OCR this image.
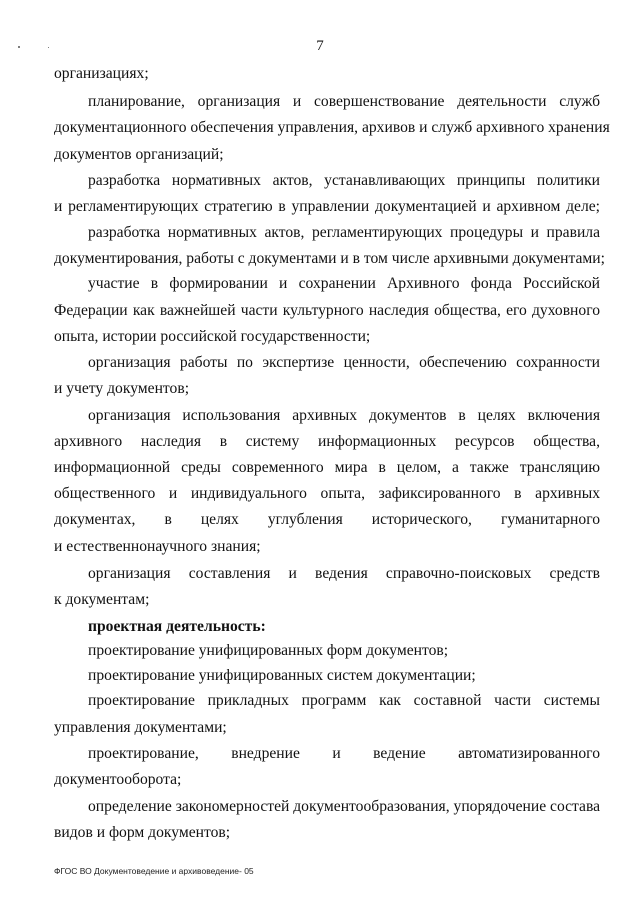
7
организациях;
планирование, организация и совершенствование деятельности служб
документационного обеспечения управления, архивов и служб архивного хранения
документов организаций;
разработка нормативных актов, устанавливающих принципы политики
и регламентирующих стратегию в управлении документацией и архивном деле;
разработка нормативных актов, регламентирующих процедуры и правила
документирования, работы с документами и в том числе архивными документами;
участие в формировании и сохранении Архивного фонда Российской
Федерации как важнейшей части культурного наследия общества, его духовного
опыта, истории российской государственности;
организация работы по экспертизе ценности, обеспечению сохранности
и учету документов;
организация использования архивных документов в целях включения
архивного наследия в систему информационных ресурсов общества,
информационной среды современного мира в целом, а также трансляцию
общественного и индивидуального опыта, зафиксированного в архивных
документах, в целях углубления исторического, гуманитарного
и естественнонаучного знания;
организация составления и ведения справочно-поисковых средств
к документам;
проектная деятельность:
проектирование унифицированных форм документов;
проектирование унифицированных систем документации;
проектирование прикладных программ как составной части системы
управления документами;
проектирование, внедрение и ведение автоматизированного
документооборота;
определение закономерностей документообразования, упорядочение состава
видов и форм документов;
ФГОС ВО Документоведение и архивоведение- 05
